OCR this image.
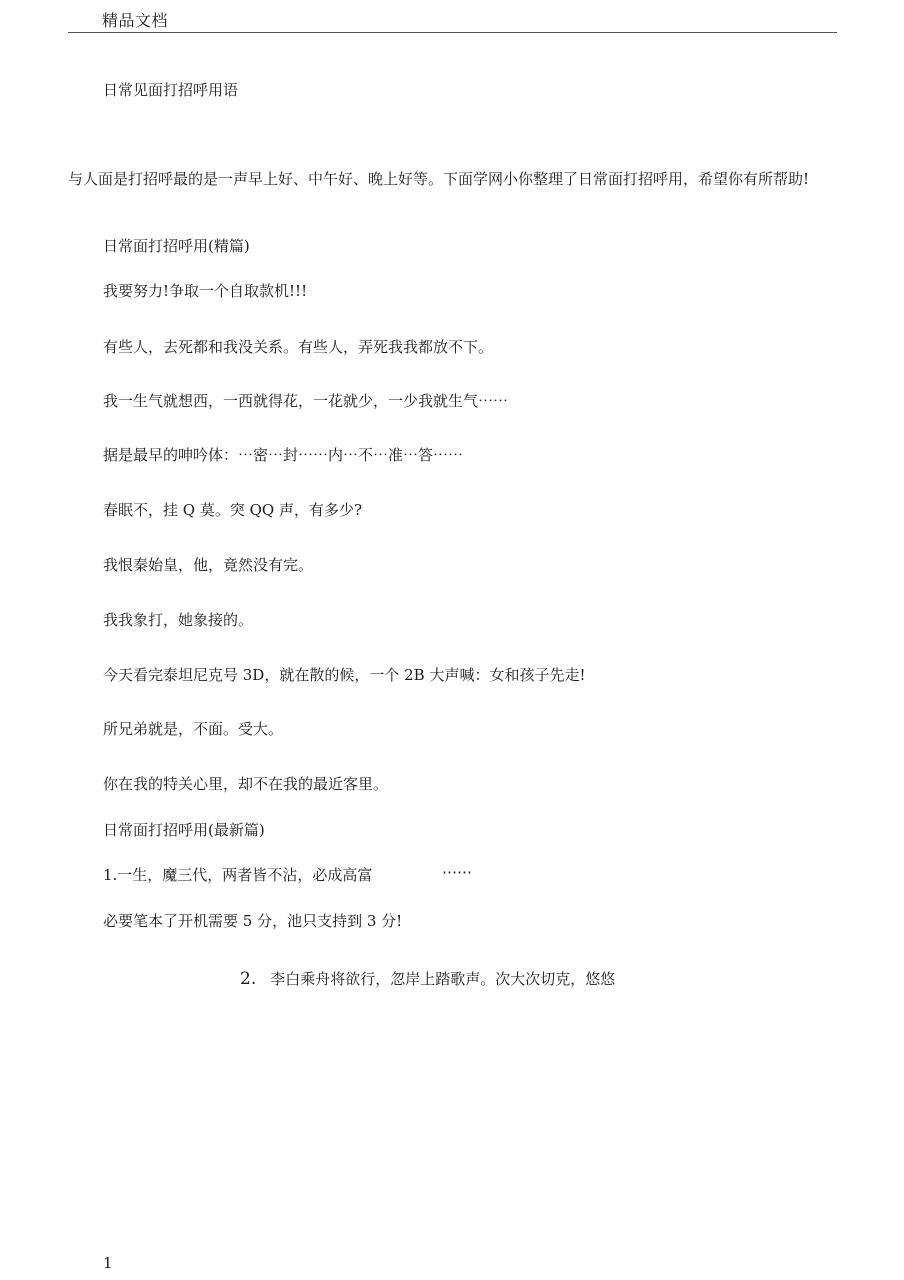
精品文档
日常见面打招呼用语
与人面是打招呼最的是一声早上好、中午好、晚上好等。下面学网小你整理了日常面打招呼用，希望你有所帮助!
日常面打招呼用(精篇)
我要努力!争取一个自取款机!!!
有些人，去死都和我没关系。有些人，弄死我我都放不下。
我一生气就想西，一西就得花，一花就少，一少我就生气⋯⋯
据是最早的呻吟体：⋯密⋯封⋯⋯内⋯不⋯准⋯答⋯⋯
春眠不，挂 Q 莫。突 QQ 声，有多少?
我恨秦始皇，他，竟然没有完。
我我象打，她象接的。
今天看完泰坦尼克号 3D，就在散的候，一个 2B 大声喊：女和孩子先走!
所兄弟就是，不面。受大。
你在我的特关心里，却不在我的最近客里。
日常面打招呼用(最新篇)
1.一生，魔三代，两者皆不沾，必成高富	⋯⋯
必要笔本了开机需要 5 分，池只支持到 3 分!
2. 李白乘舟将欲行，忽岸上踏歌声。次大次切克，悠悠
1
